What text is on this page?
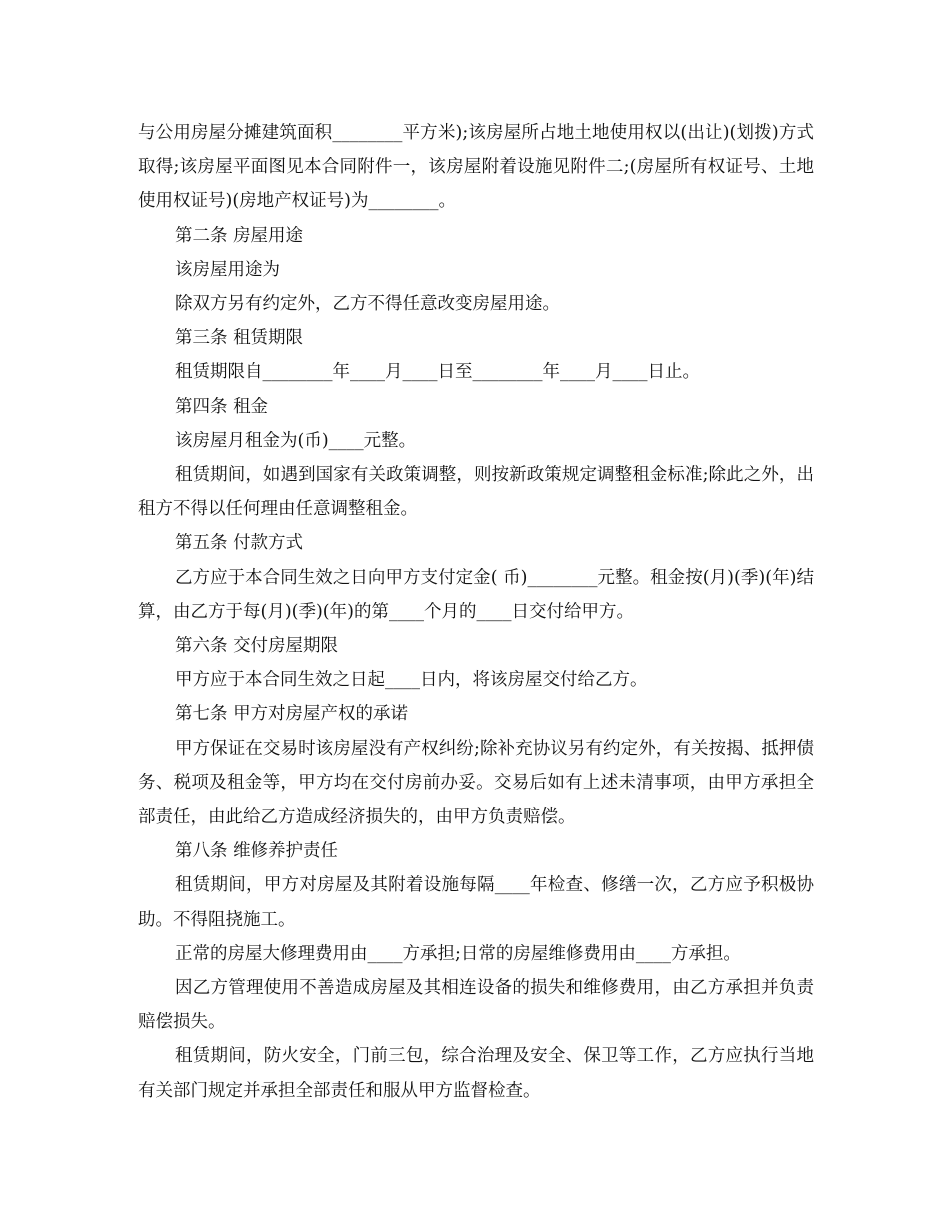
与公用房屋分摊建筑面积________平方米);该房屋所占地土地使用权以(出让)(划拨)方式取得;该房屋平面图见本合同附件一，该房屋附着设施见附件二;(房屋所有权证号、土地使用权证号)(房地产权证号)为________。

第二条 房屋用途

该房屋用途为

除双方另有约定外，乙方不得任意改变房屋用途。

第三条 租赁期限

租赁期限自________年____月____日至________年____月____日止。

第四条 租金

该房屋月租金为(币)____元整。

租赁期间，如遇到国家有关政策调整，则按新政策规定调整租金标准;除此之外，出租方不得以任何理由任意调整租金。

第五条 付款方式

乙方应于本合同生效之日向甲方支付定金( 币)________元整。租金按(月)(季)(年)结算，由乙方于每(月)(季)(年)的第____个月的____日交付给甲方。

第六条 交付房屋期限

甲方应于本合同生效之日起____日内，将该房屋交付给乙方。

第七条 甲方对房屋产权的承诺

甲方保证在交易时该房屋没有产权纠纷;除补充协议另有约定外，有关按揭、抵押债务、税项及租金等，甲方均在交付房前办妥。交易后如有上述未清事项，由甲方承担全部责任，由此给乙方造成经济损失的，由甲方负责赔偿。

第八条 维修养护责任

租赁期间，甲方对房屋及其附着设施每隔____年检查、修缮一次，乙方应予积极协助。不得阻挠施工。

正常的房屋大修理费用由____方承担;日常的房屋维修费用由____方承担。

因乙方管理使用不善造成房屋及其相连设备的损失和维修费用，由乙方承担并负责赔偿损失。

租赁期间，防火安全，门前三包，综合治理及安全、保卫等工作，乙方应执行当地有关部门规定并承担全部责任和服从甲方监督检查。
